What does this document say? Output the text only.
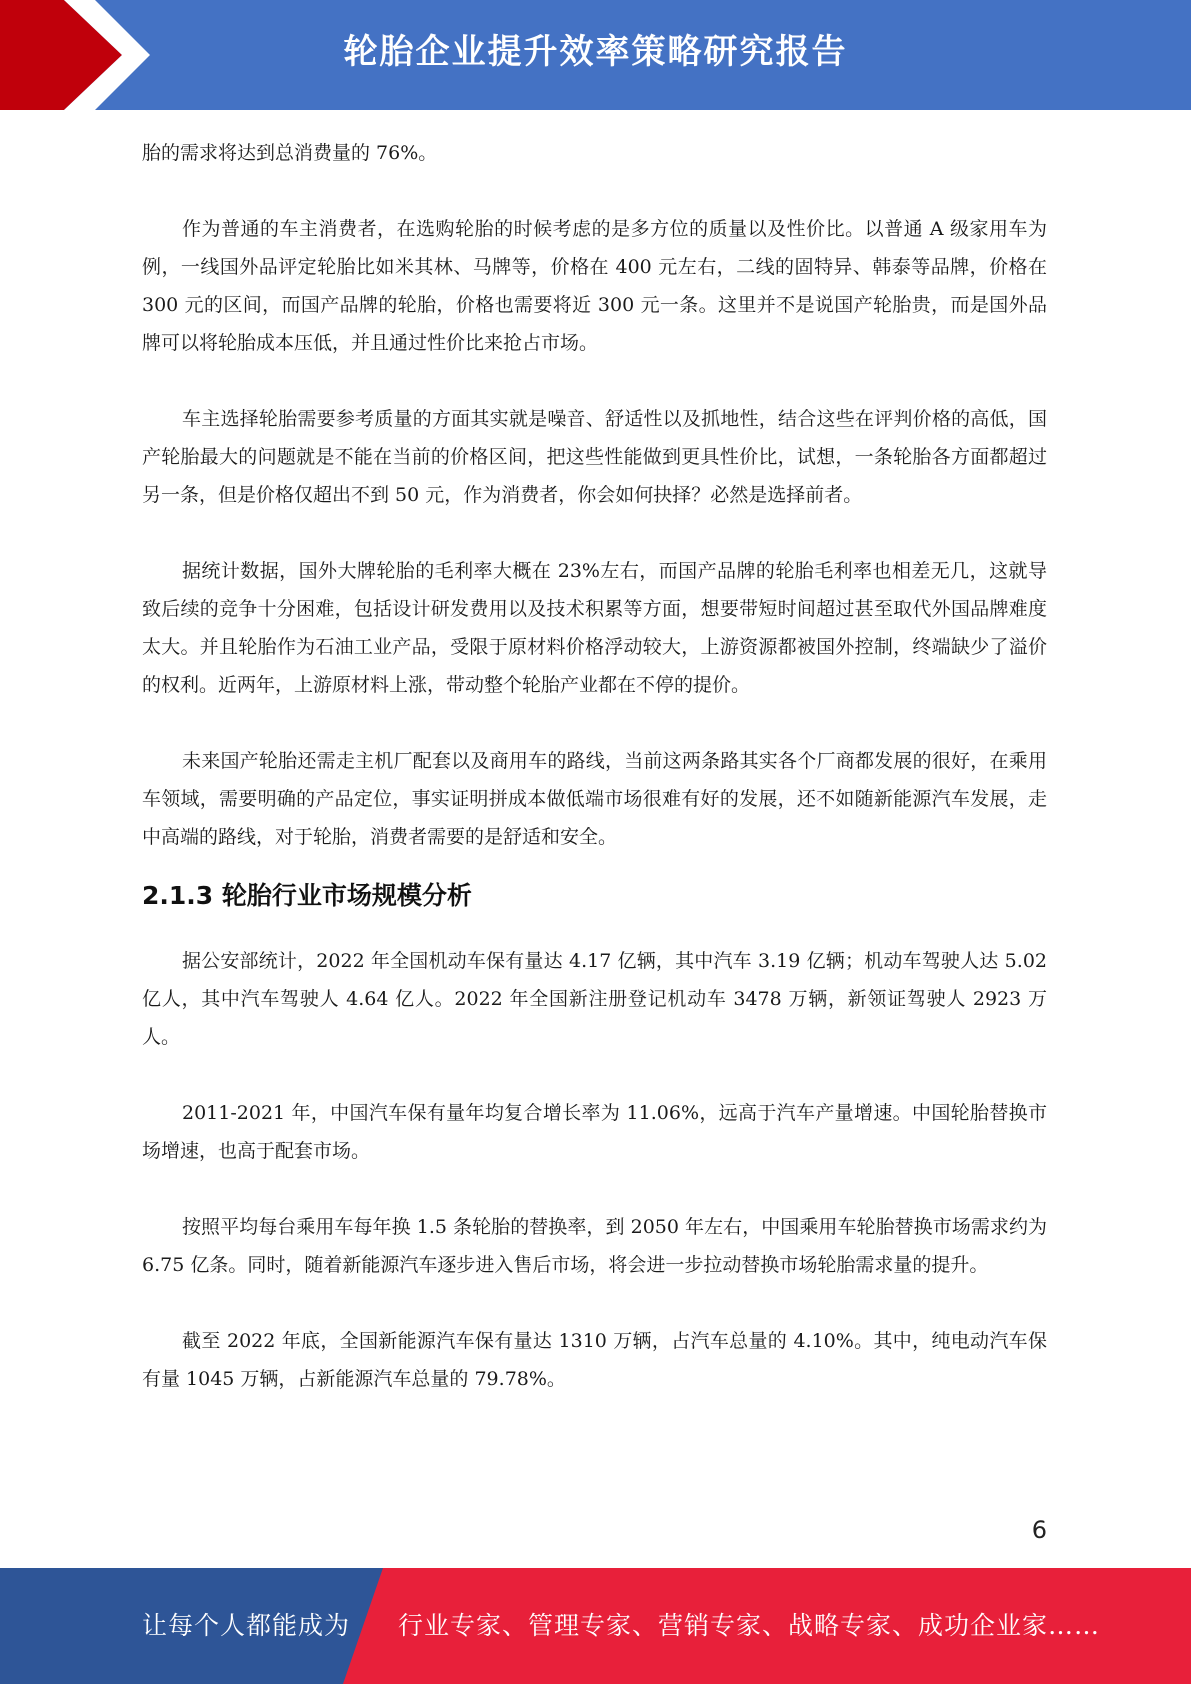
轮胎企业提升效率策略研究报告

胎的需求将达到总消费量的 76%。

作为普通的车主消费者，在选购轮胎的时候考虑的是多方位的质量以及性价比。以普通 A 级家用车为例，一线国外品评定轮胎比如米其林、马牌等，价格在 400 元左右，二线的固特异、韩泰等品牌，价格在 300 元的区间，而国产品牌的轮胎，价格也需要将近 300 元一条。这里并不是说国产轮胎贵，而是国外品牌可以将轮胎成本压低，并且通过性价比来抢占市场。

车主选择轮胎需要参考质量的方面其实就是噪音、舒适性以及抓地性，结合这些在评判价格的高低，国产轮胎最大的问题就是不能在当前的价格区间，把这些性能做到更具性价比，试想，一条轮胎各方面都超过另一条，但是价格仅超出不到 50 元，作为消费者，你会如何抉择？必然是选择前者。

据统计数据，国外大牌轮胎的毛利率大概在 23%左右，而国产品牌的轮胎毛利率也相差无几，这就导致后续的竞争十分困难，包括设计研发费用以及技术积累等方面，想要带短时间超过甚至取代外国品牌难度太大。并且轮胎作为石油工业产品，受限于原材料价格浮动较大，上游资源都被国外控制，终端缺少了溢价的权利。近两年，上游原材料上涨，带动整个轮胎产业都在不停的提价。

未来国产轮胎还需走主机厂配套以及商用车的路线，当前这两条路其实各个厂商都发展的很好，在乘用车领域，需要明确的产品定位，事实证明拼成本做低端市场很难有好的发展，还不如随新能源汽车发展，走中高端的路线，对于轮胎，消费者需要的是舒适和安全。

2.1.3 轮胎行业市场规模分析

据公安部统计，2022 年全国机动车保有量达 4.17 亿辆，其中汽车 3.19 亿辆；机动车驾驶人达 5.02 亿人，其中汽车驾驶人 4.64 亿人。2022 年全国新注册登记机动车 3478 万辆，新领证驾驶人 2923 万人。

2011-2021 年，中国汽车保有量年均复合增长率为 11.06%，远高于汽车产量增速。中国轮胎替换市场增速，也高于配套市场。

按照平均每台乘用车每年换 1.5 条轮胎的替换率，到 2050 年左右，中国乘用车轮胎替换市场需求约为 6.75 亿条。同时，随着新能源汽车逐步进入售后市场，将会进一步拉动替换市场轮胎需求量的提升。

截至 2022 年底，全国新能源汽车保有量达 1310 万辆，占汽车总量的 4.10%。其中，纯电动汽车保有量 1045 万辆，占新能源汽车总量的 79.78%。

6
让每个人都能成为 行业专家、管理专家、营销专家、战略专家、成功企业家……
